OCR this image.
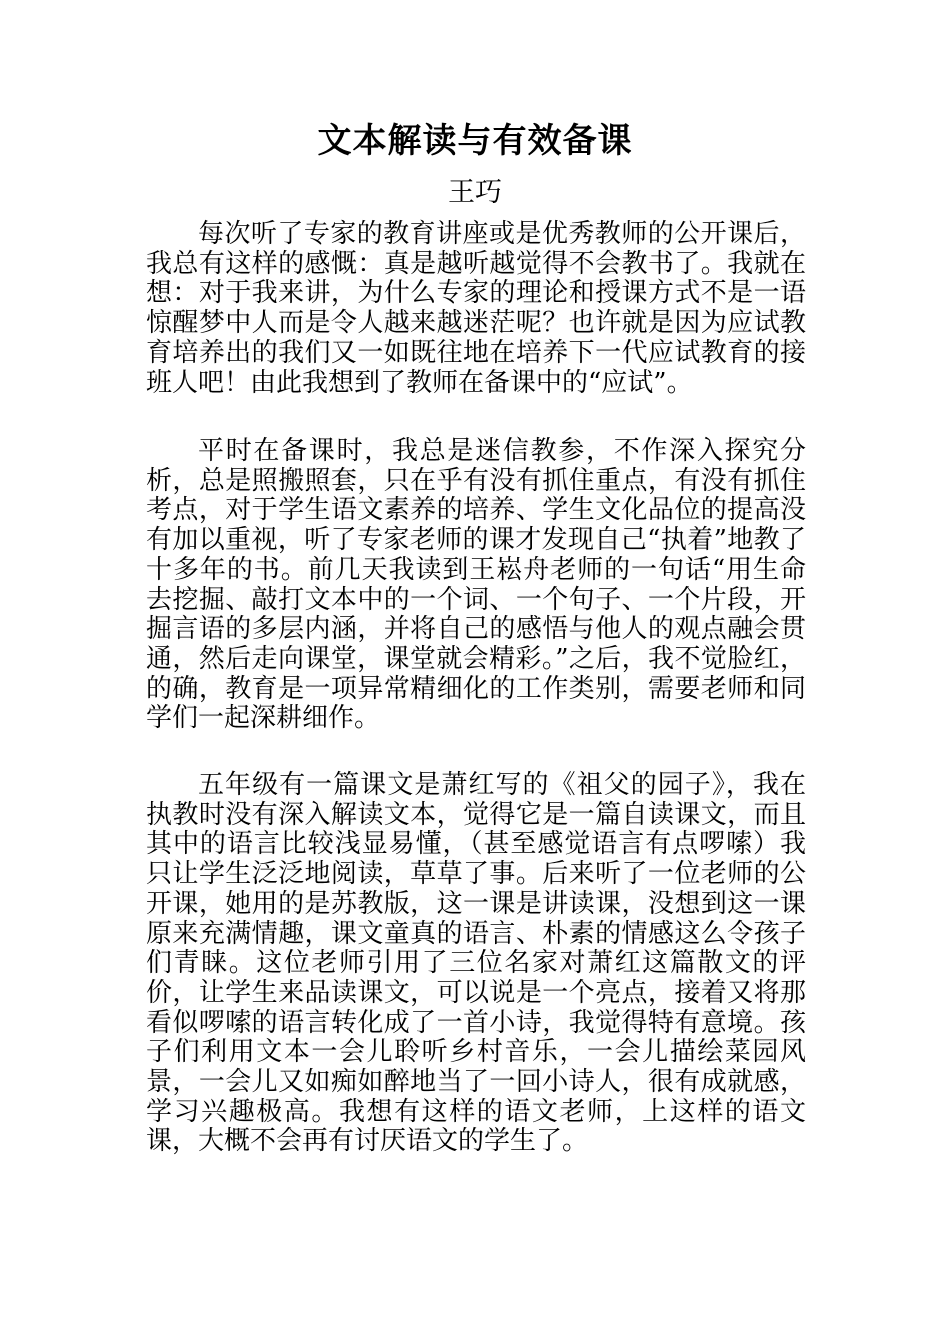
文本解读与有效备课
王巧

每次听了专家的教育讲座或是优秀教师的公开课后，我总有这样的感慨：真是越听越觉得不会教书了。我就在想：对于我来讲，为什么专家的理论和授课方式不是一语惊醒梦中人而是令人越来越迷茫呢？也许就是因为应试教育培养出的我们又一如既往地在培养下一代应试教育的接班人吧！由此我想到了教师在备课中的“应试”。

平时在备课时，我总是迷信教参，不作深入探究分析，总是照搬照套，只在乎有没有抓住重点，有没有抓住考点，对于学生语文素养的培养、学生文化品位的提高没有加以重视，听了专家老师的课才发现自己“执着”地教了十多年的书。前几天我读到王崧舟老师的一句话“用生命去挖掘、敲打文本中的一个词、一个句子、一个片段，开掘言语的多层内涵，并将自己的感悟与他人的观点融会贯通，然后走向课堂，课堂就会精彩。”之后，我不觉脸红，的确，教育是一项异常精细化的工作类别，需要老师和同学们一起深耕细作。

五年级有一篇课文是萧红写的《祖父的园子》，我在执教时没有深入解读文本，觉得它是一篇自读课文，而且其中的语言比较浅显易懂，（甚至感觉语言有点啰嗦）我只让学生泛泛地阅读，草草了事。后来听了一位老师的公开课，她用的是苏教版，这一课是讲读课，没想到这一课原来充满情趣，课文童真的语言、朴素的情感这么令孩子们青睐。这位老师引用了三位名家对萧红这篇散文的评价，让学生来品读课文，可以说是一个亮点，接着又将那看似啰嗦的语言转化成了一首小诗，我觉得特有意境。孩子们利用文本一会儿聆听乡村音乐，一会儿描绘菜园风景，一会儿又如痴如醉地当了一回小诗人，很有成就感，学习兴趣极高。我想有这样的语文老师，上这样的语文课，大概不会再有讨厌语文的学生了。
